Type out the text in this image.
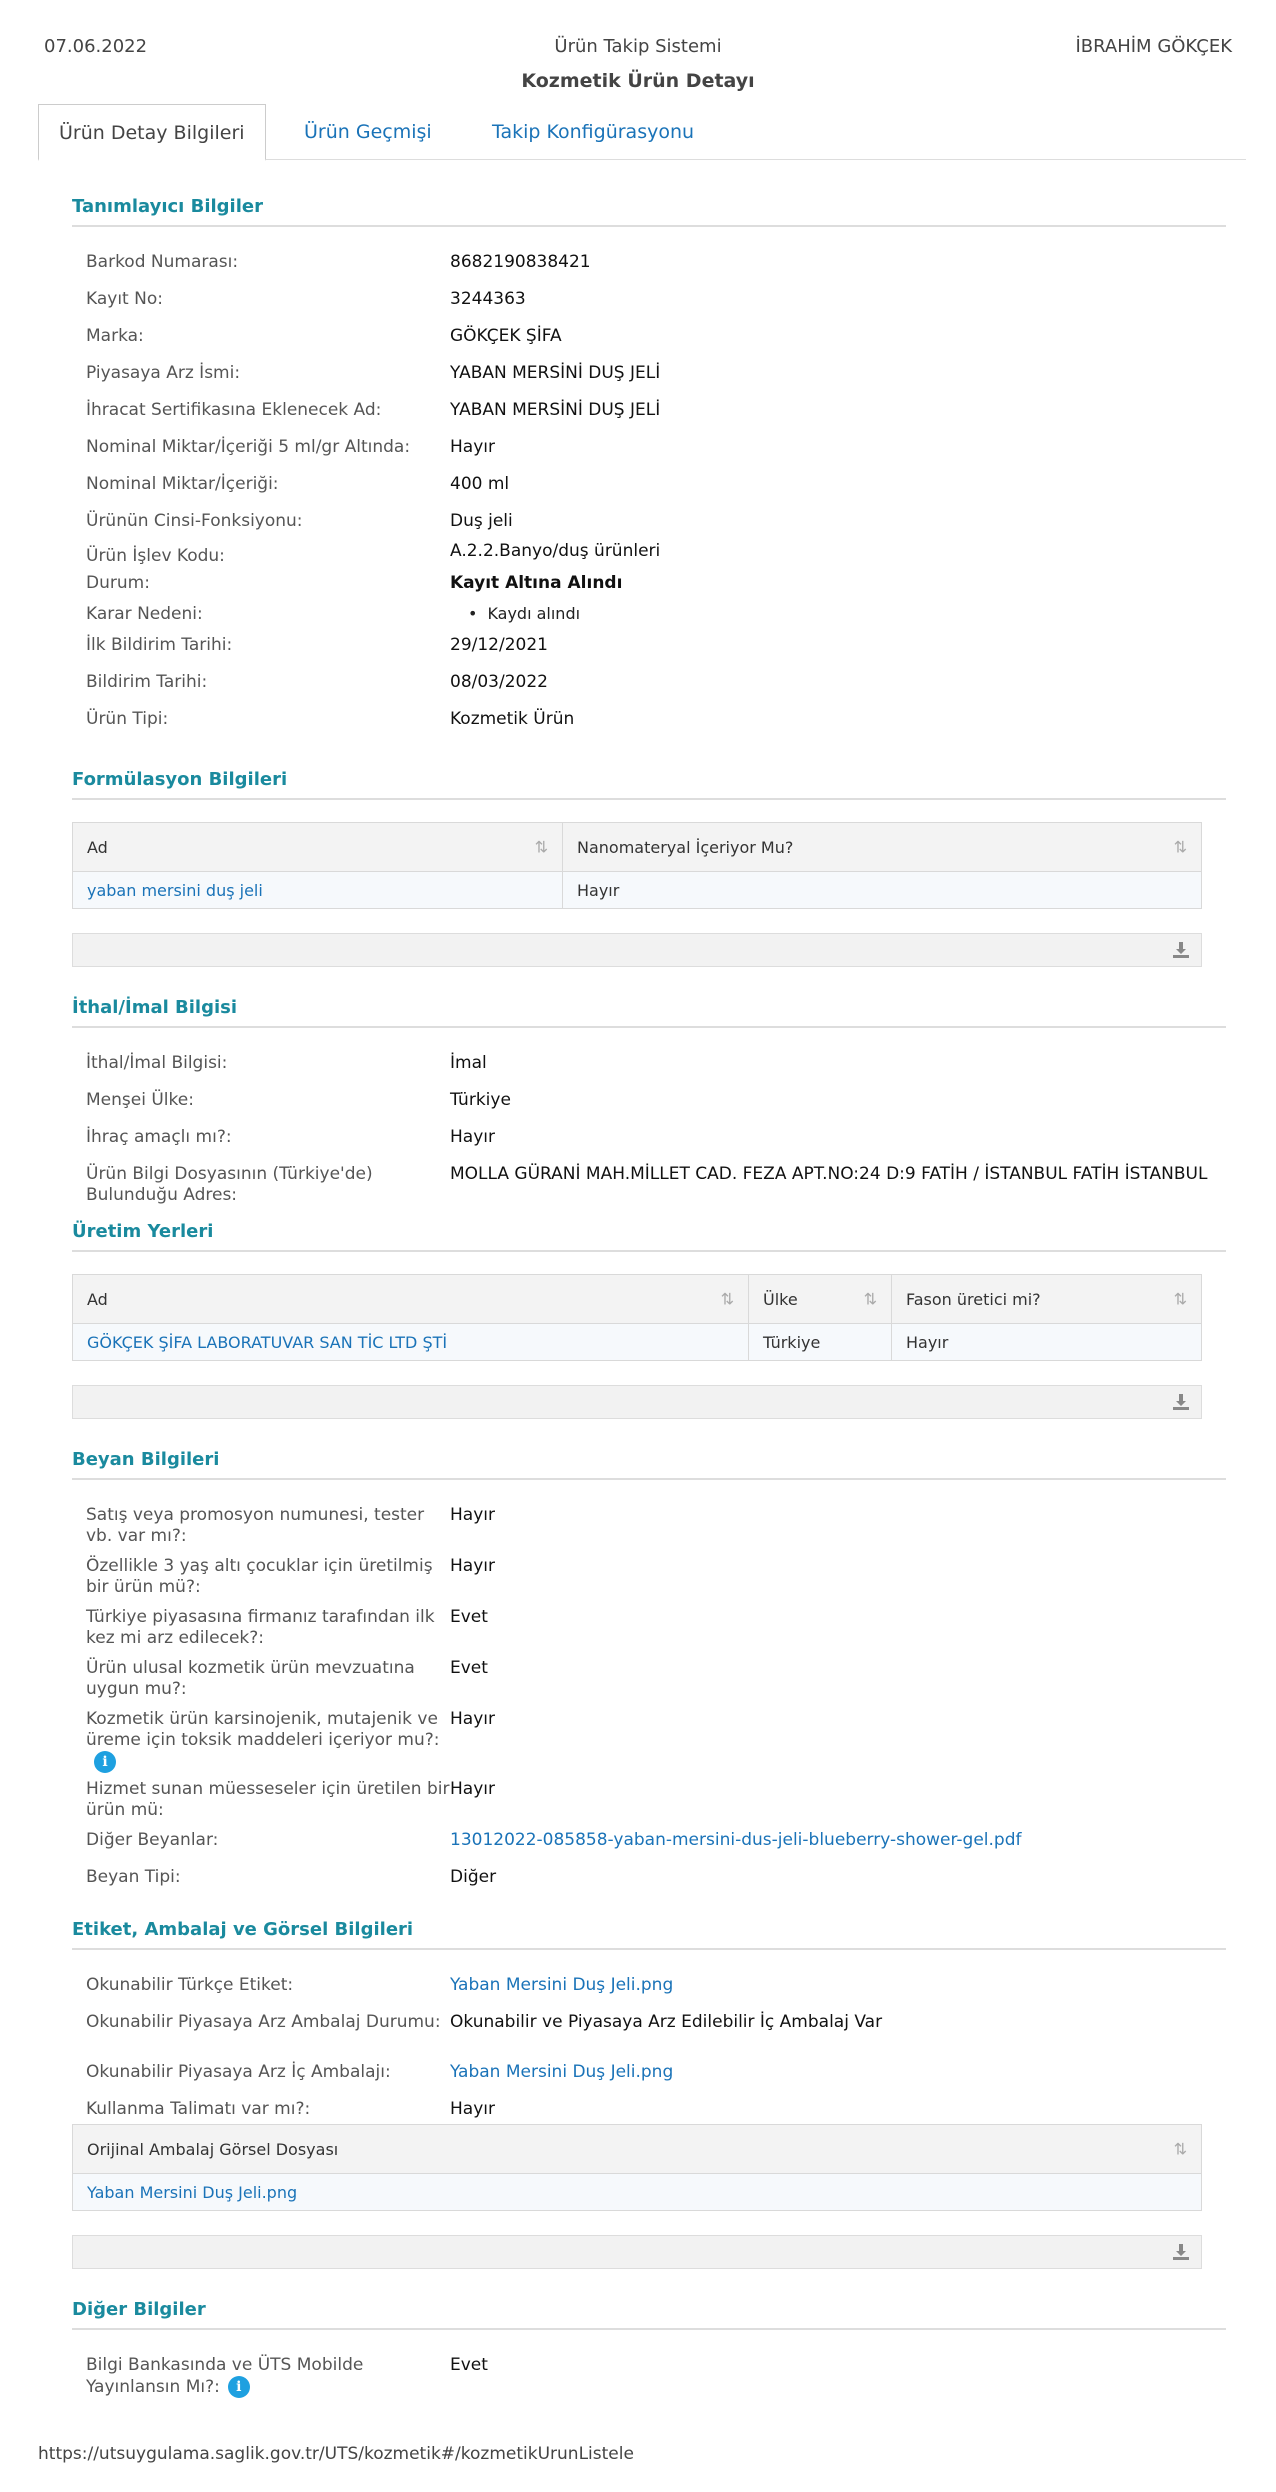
07.06.2022	Ürün Takip Sistemi	İBRAHİM GÖKÇEK
Kozmetik Ürün Detayı
Ürün Detay Bilgileri	Ürün Geçmişi	Takip Konfigürasyonu
Tanımlayıcı Bilgiler
Barkod Numarası:	8682190838421
Kayıt No:	3244363
Marka:	GÖKÇEK ŞİFA
Piyasaya Arz İsmi:	YABAN MERSİNİ DUŞ JELİ
İhracat Sertifikasına Eklenecek Ad:	YABAN MERSİNİ DUŞ JELİ
Nominal Miktar/İçeriği 5 ml/gr Altında:	Hayır
Nominal Miktar/İçeriği:	400 ml
Ürünün Cinsi-Fonksiyonu:	Duş jeli
Ürün İşlev Kodu:	A.2.2.Banyo/duş ürünleri
Durum:	Kayıt Altına Alındı
Karar Nedeni:
•	Kaydı alındı
İlk Bildirim Tarihi:	29/12/2021
Bildirim Tarihi:	08/03/2022
Ürün Tipi:	Kozmetik Ürün
Formülasyon Bilgileri
Ad	⇅ Nanomateryal İçeriyor Mu?	⇅
yaban mersini duş jeli	Hayır
İthal/İmal Bilgisi
İthal/İmal Bilgisi:	İmal
Menşei Ülke:	Türkiye
İhraç amaçlı mı?:	Hayır
Ürün Bilgi Dosyasının (Türkiye'de) Bulunduğu Adres:
MOLLA GÜRANİ MAH.MİLLET CAD. FEZA APT.NO:24 D:9 FATİH / İSTANBUL FATİH İSTANBUL
Üretim Yerleri
Ad	⇅ Ülke	⇅ Fason üretici mi?	⇅
GÖKÇEK ŞİFA LABORATUVAR SAN TİC LTD ŞTİ	Türkiye	Hayır
Beyan Bilgileri
Satış veya promosyon numunesi, tester vb. var mı?:
Hayır
Özellikle 3 yaş altı çocuklar için üretilmiş bir ürün mü?:
Hayır
Türkiye piyasasına firmanız tarafından ilk kez mi arz edilecek?:
Evet
Ürün ulusal kozmetik ürün mevzuatına uygun mu?:
Evet
Kozmetik ürün karsinojenik, mutajenik ve üreme için toksik maddeleri içeriyor mu?:i
Hayır
Hizmet sunan müesseseler için üretilen bir ürün mü:
Hayır
Diğer Beyanlar:	13012022-085858-yaban-mersini-dus-jeli-blueberry-shower-gel.pdf
Beyan Tipi:	Diğer
Etiket, Ambalaj ve Görsel Bilgileri
Okunabilir Türkçe Etiket:	Yaban Mersini Duş Jeli.png
Okunabilir Piyasaya Arz Ambalaj Durumu: Okunabilir ve Piyasaya Arz Edilebilir İç Ambalaj Var
Okunabilir Piyasaya Arz İç Ambalajı:	Yaban Mersini Duş Jeli.png
Kullanma Talimatı var mı?:	Hayır
Orijinal Ambalaj Görsel Dosyası	⇅
Yaban Mersini Duş Jeli.png
Diğer Bilgiler
Bilgi Bankasında ve ÜTS Mobilde Yayınlansın Mı?: i
Evet
https://utsuygulama.saglik.gov.tr/UTS/kozmetik#/kozmetikUrunListele
